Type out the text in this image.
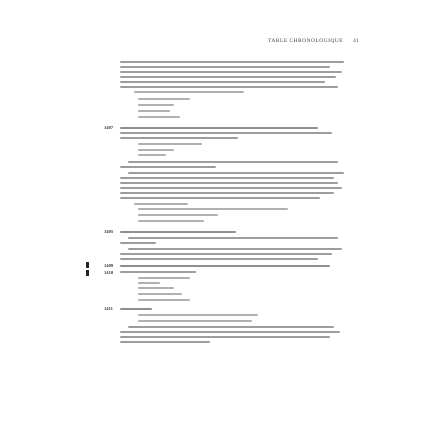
TABLE CHRONOLOGIQUE	41
1407
1405
1409
1410
1411
